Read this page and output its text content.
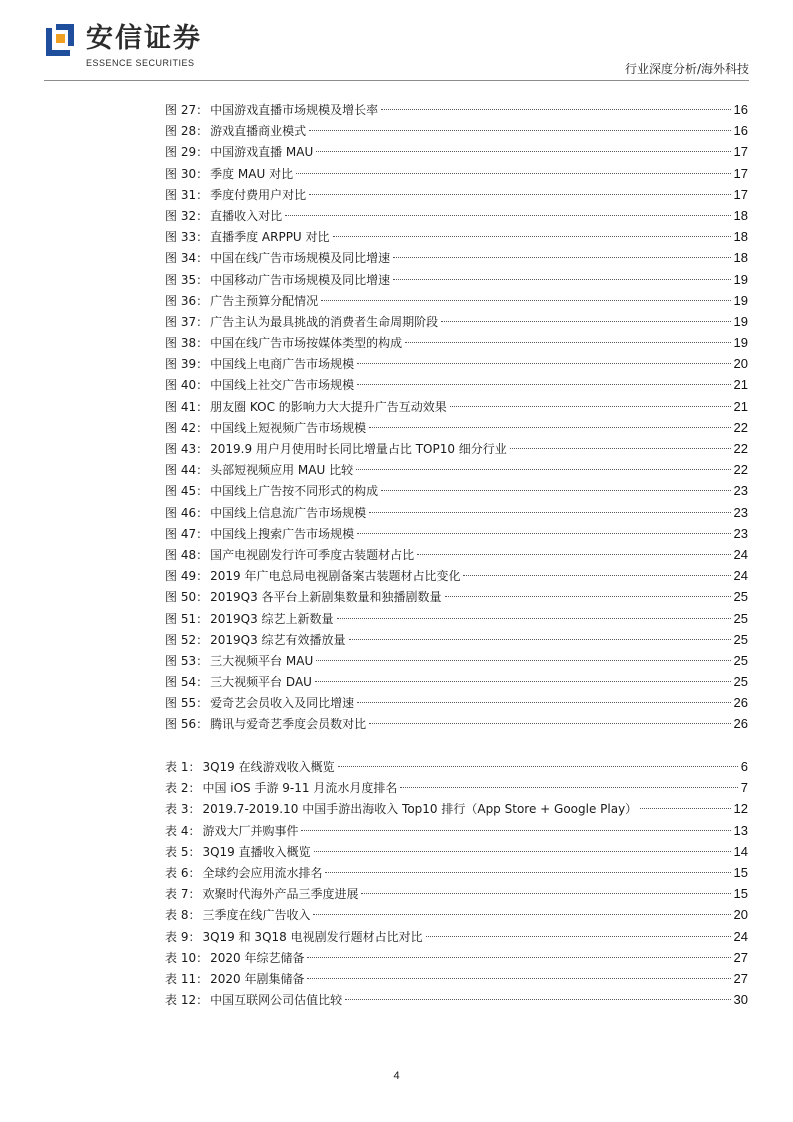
安信证券
ESSENCE SECURITIES	行业深度分析/海外科技
图 27： 中国游戏直播市场规模及增长率	16
图 28： 游戏直播商业模式	16
图 29： 中国游戏直播 MAU	17
图 30： 季度 MAU 对比	17
图 31： 季度付费用户对比	17
图 32： 直播收入对比	18
图 33： 直播季度 ARPPU 对比	18
图 34： 中国在线广告市场规模及同比增速	18
图 35： 中国移动广告市场规模及同比增速	19
图 36： 广告主预算分配情况	19
图 37： 广告主认为最具挑战的消费者生命周期阶段	19
图 38： 中国在线广告市场按媒体类型的构成	19
图 39： 中国线上电商广告市场规模	20
图 40： 中国线上社交广告市场规模	21
图 41： 朋友圈 KOC 的影响力大大提升广告互动效果	21
图 42： 中国线上短视频广告市场规模	22
图 43： 2019.9 用户月使用时长同比增量占比 TOP10 细分行业	22
图 44： 头部短视频应用 MAU 比较	22
图 45： 中国线上广告按不同形式的构成	23
图 46： 中国线上信息流广告市场规模	23
图 47： 中国线上搜索广告市场规模	23
图 48： 国产电视剧发行许可季度古装题材占比	24
图 49： 2019 年广电总局电视剧备案古装题材占比变化	24
图 50： 2019Q3 各平台上新剧集数量和独播剧数量	25
图 51： 2019Q3 综艺上新数量	25
图 52： 2019Q3 综艺有效播放量	25
图 53： 三大视频平台 MAU	25
图 54： 三大视频平台 DAU	25
图 55： 爱奇艺会员收入及同比增速	26
图 56： 腾讯与爱奇艺季度会员数对比	26
表 1： 3Q19 在线游戏收入概览	6
表 2： 中国 iOS 手游 9-11 月流水月度排名	7
表 3： 2019.7-2019.10 中国手游出海收入 Top10 排行（App Store + Google Play）	12
表 4： 游戏大厂并购事件	13
表 5： 3Q19 直播收入概览	14
表 6： 全球约会应用流水排名	15
表 7： 欢聚时代海外产品三季度进展	15
表 8： 三季度在线广告收入	20
表 9： 3Q19 和 3Q18 电视剧发行题材占比对比	24
表 10： 2020 年综艺储备	27
表 11： 2020 年剧集储备	27
表 12： 中国互联网公司估值比较	30
4
